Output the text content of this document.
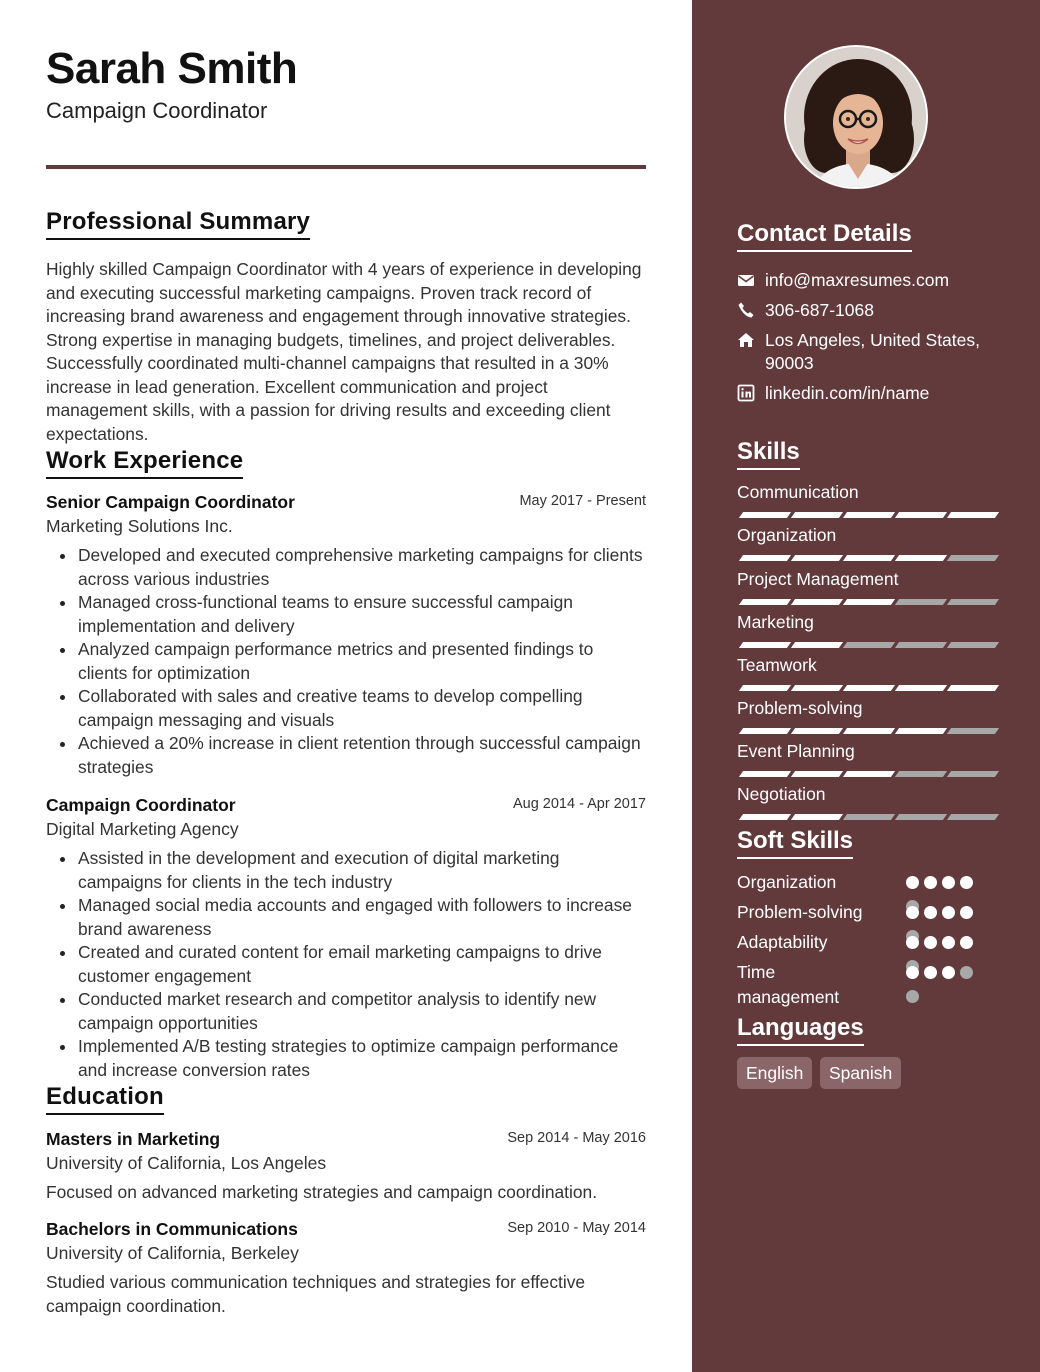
Sarah Smith
Campaign Coordinator
Professional Summary
Highly skilled Campaign Coordinator with 4 years of experience in developing and executing successful marketing campaigns. Proven track record of increasing brand awareness and engagement through innovative strategies. Strong expertise in managing budgets, timelines, and project deliverables. Successfully coordinated multi-channel campaigns that resulted in a 30% increase in lead generation. Excellent communication and project management skills, with a passion for driving results and exceeding client expectations.
Work Experience
Senior Campaign Coordinator	May 2017 - Present
Marketing Solutions Inc.
Developed and executed comprehensive marketing campaigns for clients across various industries
Managed cross-functional teams to ensure successful campaign implementation and delivery
Analyzed campaign performance metrics and presented findings to clients for optimization
Collaborated with sales and creative teams to develop compelling campaign messaging and visuals
Achieved a 20% increase in client retention through successful campaign strategies
Campaign Coordinator	Aug 2014 - Apr 2017
Digital Marketing Agency
Assisted in the development and execution of digital marketing campaigns for clients in the tech industry
Managed social media accounts and engaged with followers to increase brand awareness
Created and curated content for email marketing campaigns to drive customer engagement
Conducted market research and competitor analysis to identify new campaign opportunities
Implemented A/B testing strategies to optimize campaign performance and increase conversion rates
Education
Masters in Marketing	Sep 2014 - May 2016
University of California, Los Angeles
Focused on advanced marketing strategies and campaign coordination.
Bachelors in Communications	Sep 2010 - May 2014
University of California, Berkeley
Studied various communication techniques and strategies for effective campaign coordination.
Contact Details
info@maxresumes.com
306-687-1068
Los Angeles, United States, 90003
linkedin.com/in/name
Skills
Communication
Organization
Project Management
Marketing
Teamwork
Problem-solving
Event Planning
Negotiation
Soft Skills
Organization
Problem-solving
Adaptability
Time management
Languages
English	Spanish
